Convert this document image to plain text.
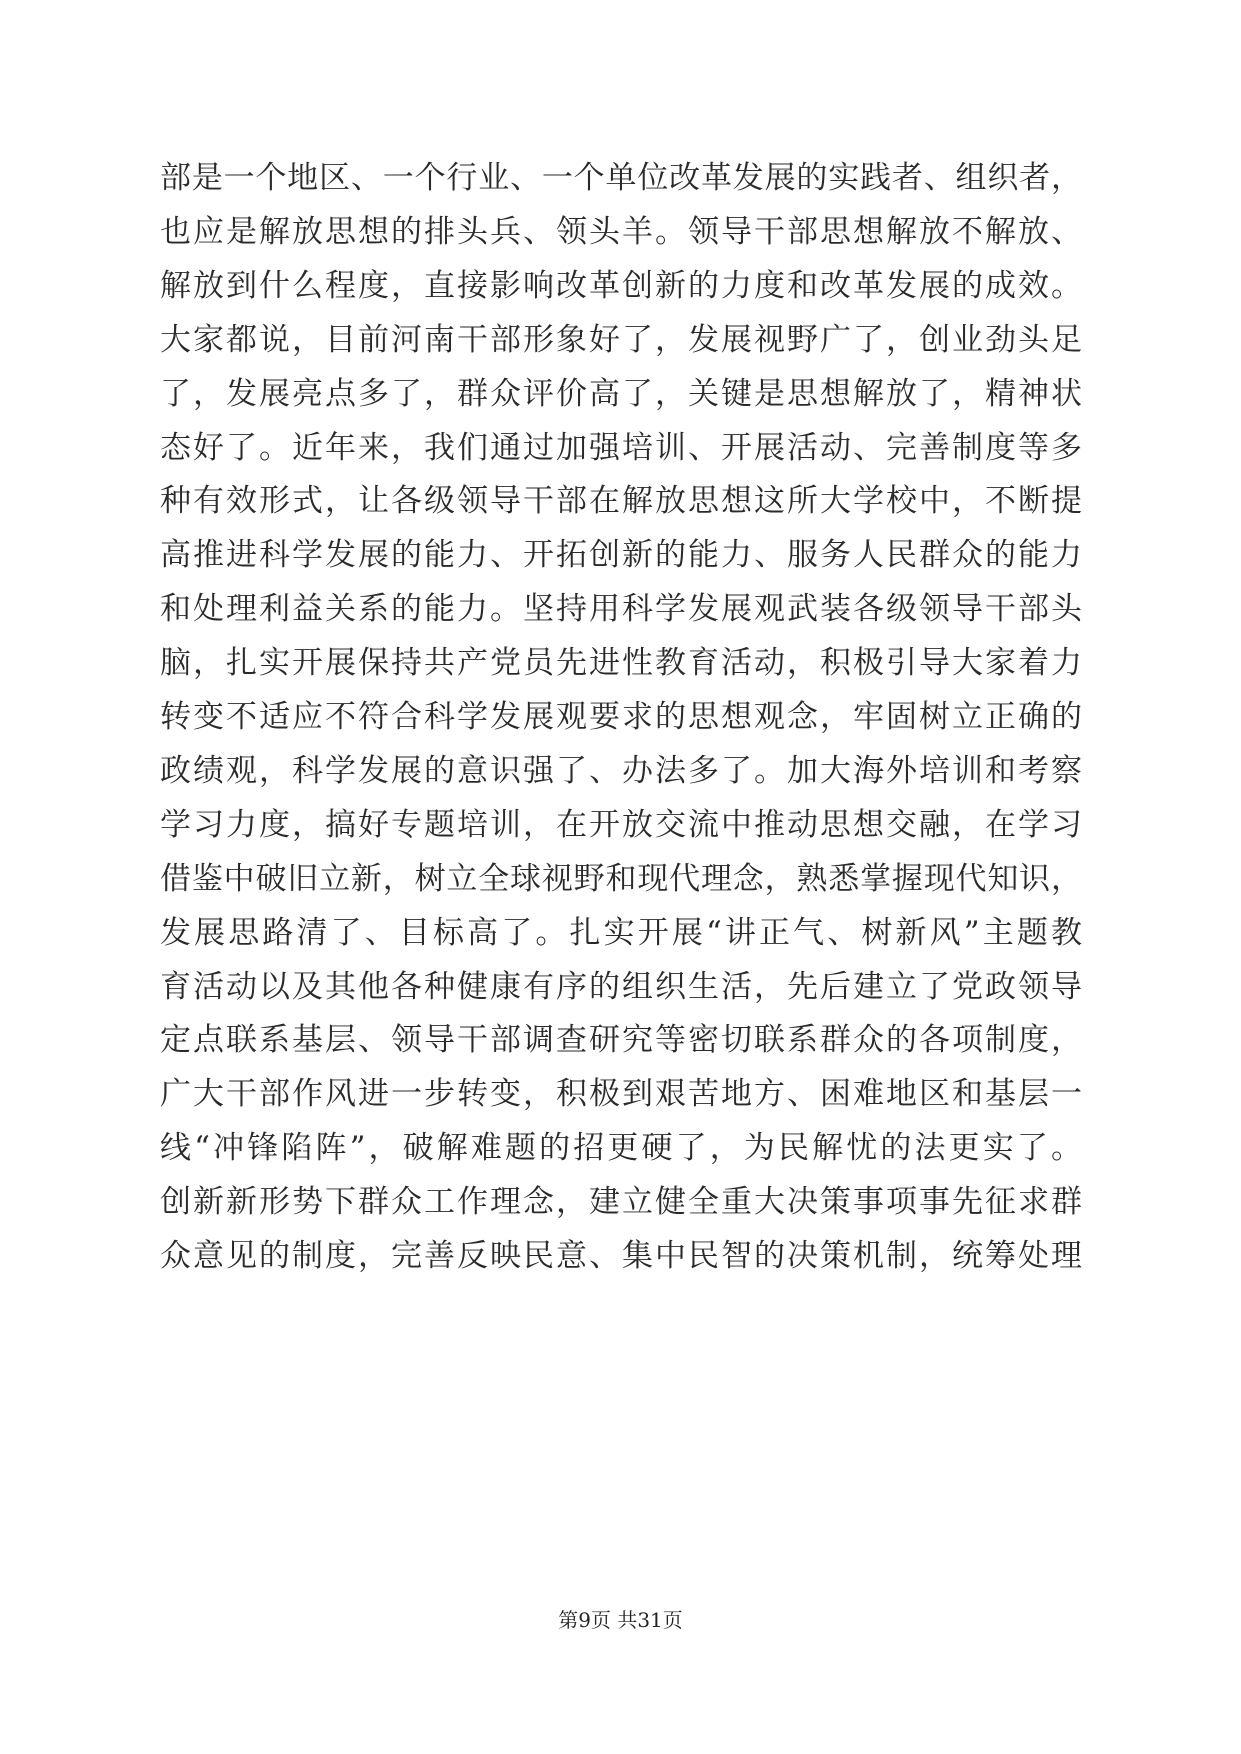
部是一个地区、一个行业、一个单位改革发展的实践者、组织者，
也应是解放思想的排头兵、领头羊。领导干部思想解放不解放、
解放到什么程度，直接影响改革创新的力度和改革发展的成效。
大家都说，目前河南干部形象好了，发展视野广了，创业劲头足
了，发展亮点多了，群众评价高了，关键是思想解放了，精神状
态好了。近年来，我们通过加强培训、开展活动、完善制度等多
种有效形式，让各级领导干部在解放思想这所大学校中，不断提
高推进科学发展的能力、开拓创新的能力、服务人民群众的能力
和处理利益关系的能力。坚持用科学发展观武装各级领导干部头
脑，扎实开展保持共产党员先进性教育活动，积极引导大家着力
转变不适应不符合科学发展观要求的思想观念，牢固树立正确的
政绩观，科学发展的意识强了、办法多了。加大海外培训和考察
学习力度，搞好专题培训，在开放交流中推动思想交融，在学习
借鉴中破旧立新，树立全球视野和现代理念，熟悉掌握现代知识，
发展思路清了、目标高了。扎实开展“讲正气、树新风”主题教
育活动以及其他各种健康有序的组织生活，先后建立了党政领导
定点联系基层、领导干部调查研究等密切联系群众的各项制度，
广大干部作风进一步转变，积极到艰苦地方、困难地区和基层一
线“冲锋陷阵”，破解难题的招更硬了，为民解忧的法更实了。
创新新形势下群众工作理念，建立健全重大决策事项事先征求群
众意见的制度，完善反映民意、集中民智的决策机制，统筹处理
第9页 共31页
